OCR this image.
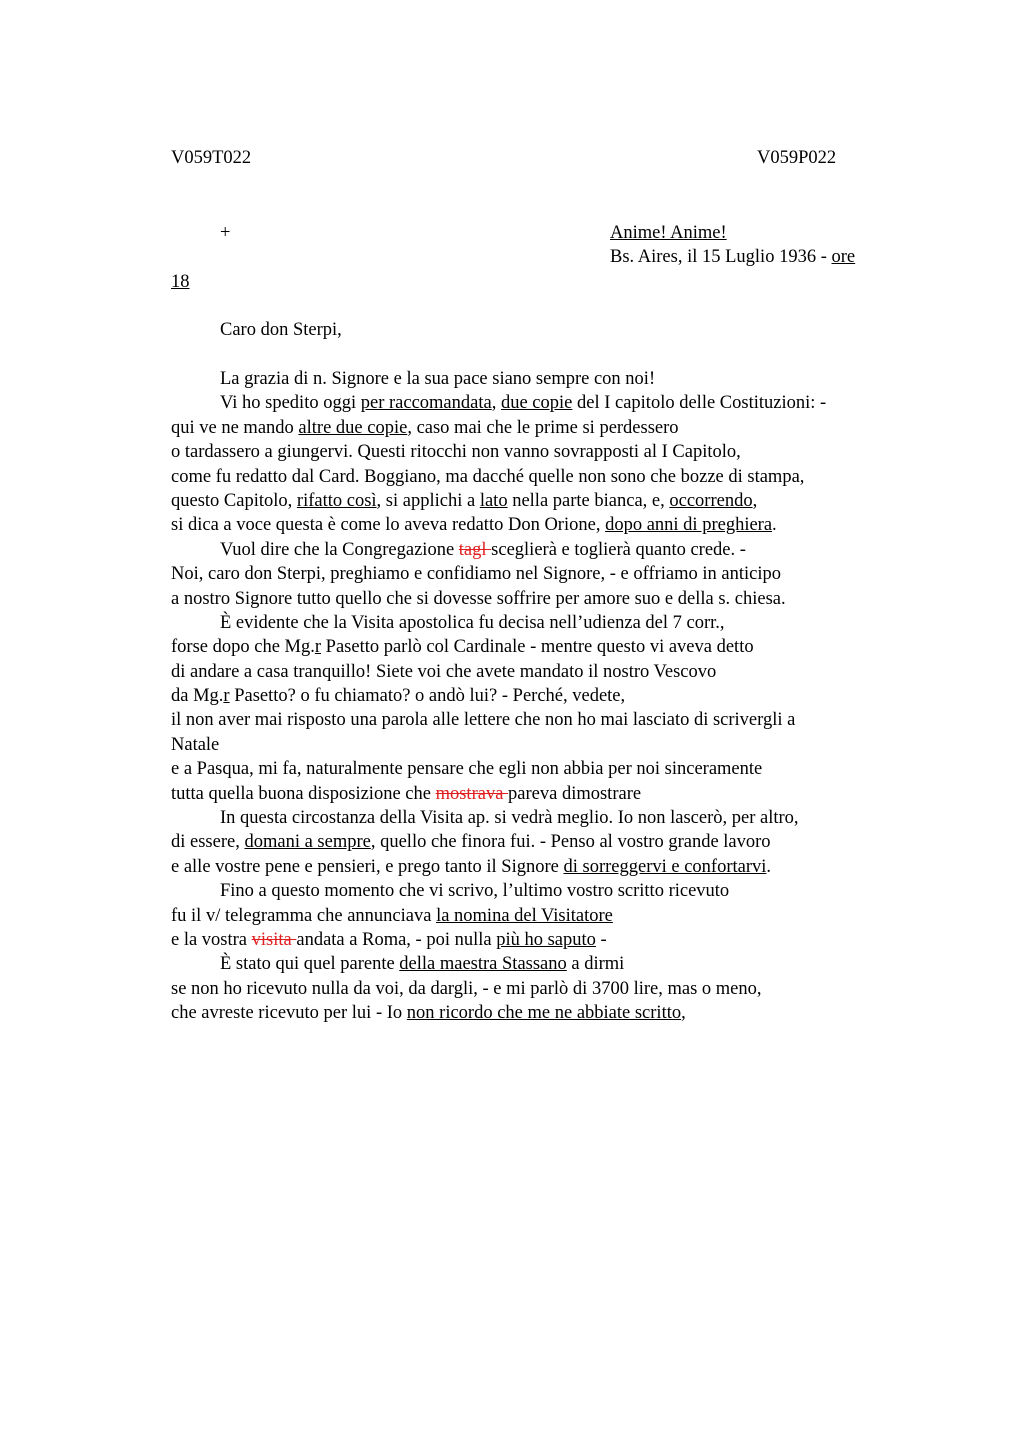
V059T022	V059P022
+	Anime! Anime!
Bs. Aires, il 15 Luglio 1936 - ore
18
Caro don Sterpi,
La grazia di n. Signore e la sua pace siano sempre con noi!
Vi ho spedito oggi per raccomandata, due copie del I capitolo delle Costituzioni: -
qui ve ne mando altre due copie, caso mai che le prime si perdessero
o tardassero a giungervi. Questi ritocchi non vanno sovrapposti al I Capitolo,
come fu redatto dal Card. Boggiano, ma dacché quelle non sono che bozze di stampa,
questo Capitolo, rifatto così, si applichi a lato nella parte bianca, e, occorrendo,
si dica a voce questa è come lo aveva redatto Don Orione, dopo anni di preghiera.
Vuol dire che la Congregazione tagl sceglierà e toglierà quanto crede. -
Noi, caro don Sterpi, preghiamo e confidiamo nel Signore, - e offriamo in anticipo
a nostro Signore tutto quello che si dovesse soffrire per amore suo e della s. chiesa.
È evidente che la Visita apostolica fu decisa nell’udienza del 7 corr.,
forse dopo che Mg.r Pasetto parlò col Cardinale - mentre questo vi aveva detto
di andare a casa tranquillo! Siete voi che avete mandato il nostro Vescovo
da Mg.r Pasetto? o fu chiamato? o andò lui? - Perché, vedete,
il non aver mai risposto una parola alle lettere che non ho mai lasciato di scrivergli a
Natale
e a Pasqua, mi fa, naturalmente pensare che egli non abbia per noi sinceramente
tutta quella buona disposizione che mostrava pareva dimostrare
In questa circostanza della Visita ap. si vedrà meglio. Io non lascerò, per altro,
di essere, domani a sempre, quello che finora fui. - Penso al vostro grande lavoro
e alle vostre pene e pensieri, e prego tanto il Signore di sorreggervi e confortarvi.
Fino a questo momento che vi scrivo, l’ultimo vostro scritto ricevuto
fu il v/ telegramma che annunciava la nomina del Visitatore
e la vostra visita andata a Roma, - poi nulla più ho saputo -
È stato qui quel parente della maestra Stassano a dirmi
se non ho ricevuto nulla da voi, da dargli, - e mi parlò di 3700 lire, mas o meno,
che avreste ricevuto per lui - Io non ricordo che me ne abbiate scritto,
